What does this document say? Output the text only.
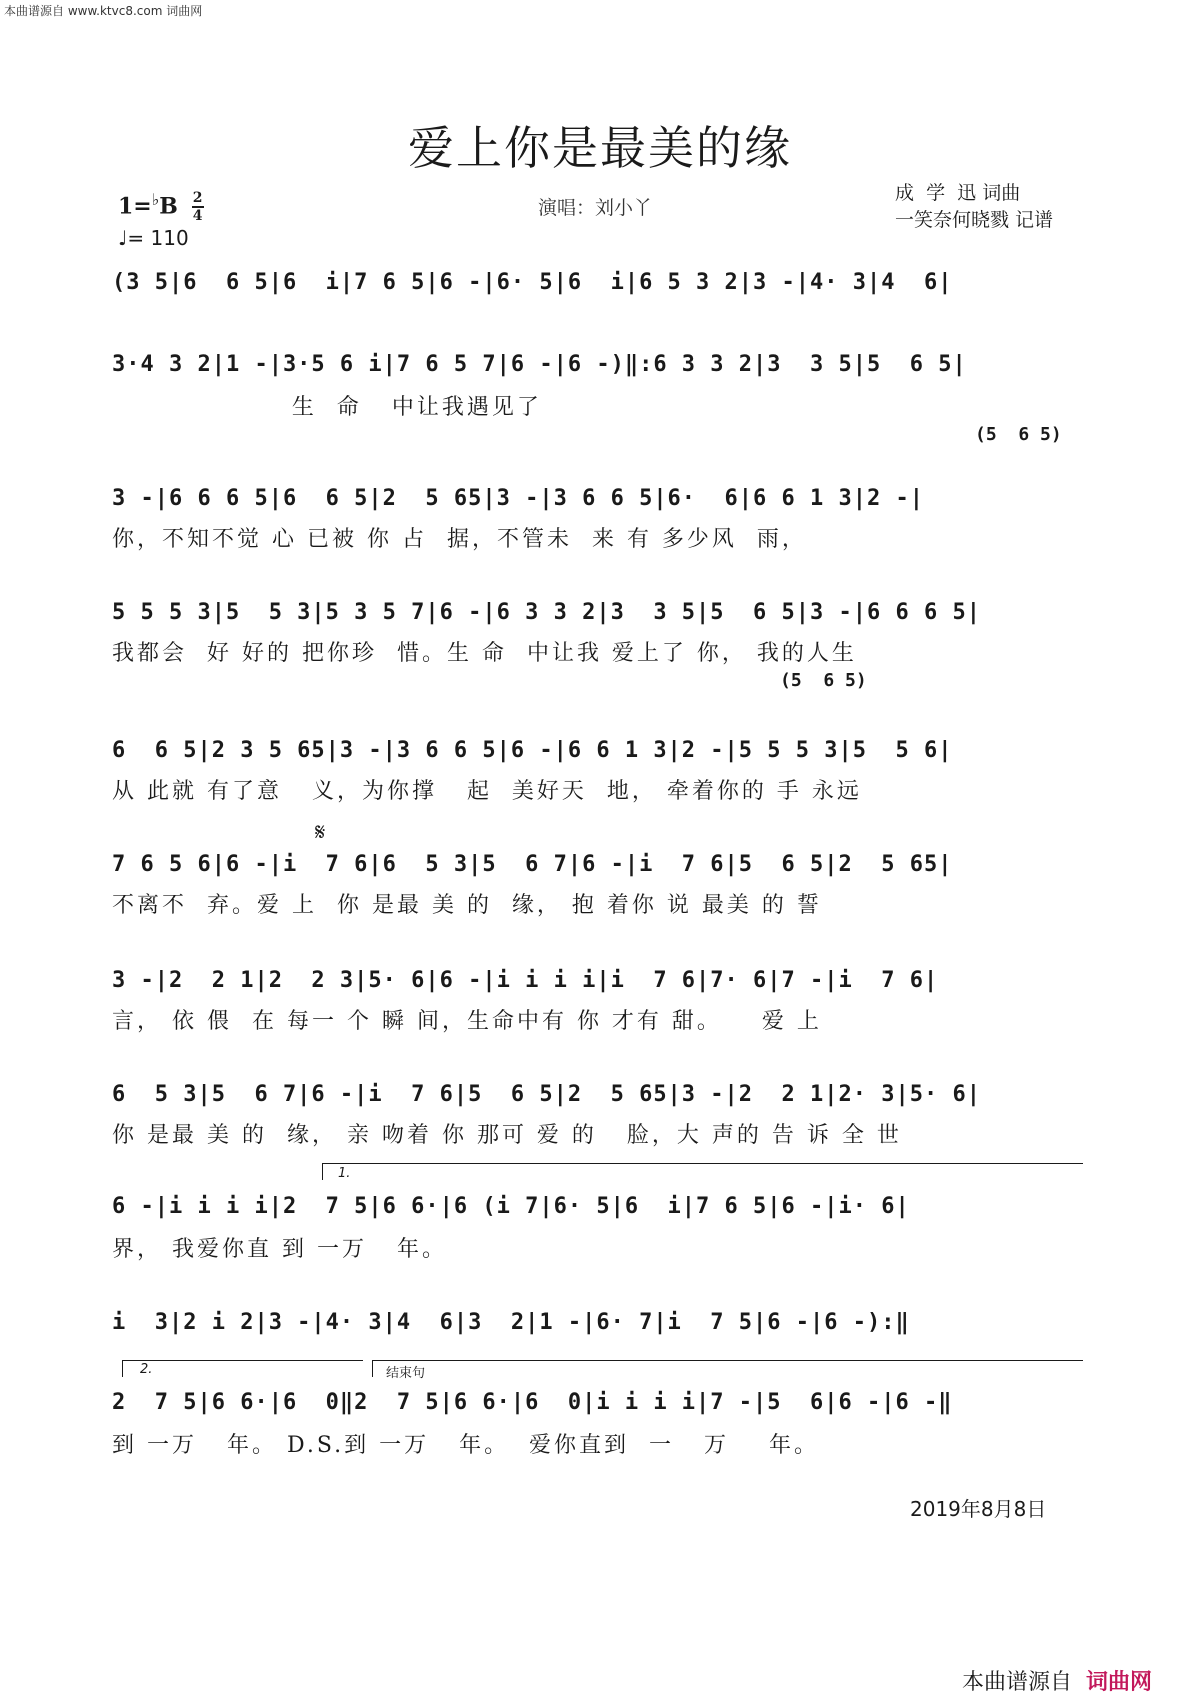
本曲谱源自 www.ktvc8.com 词曲网
爱上你是最美的缘
$1=^♭B \frac{2}{4}$
♩= 110
演唱：刘小丫
成  学  迅 词曲
一笑奈何晓戮 记谱
(3 5|6  6 5|6  i|7 6 5|6 -|6· 5|6  i|6 5 3 2|3 -|4· 3|4  6|
3·4 3 2|1 -|3·5 6 i|7 6 5 7|6 -|6 -)‖:6 3 3 2|3  3 5|5  6 5|
生  命   中让我遇见了
(5  6 5)
3 -|6 6 6 5|6  6 5|2  5 65|3 -|3 6 6 5|6·  6|6 6 1 3|2 -|
你，不知不觉 心 已被 你 占  据，不管未  来 有 多少风  雨，
5 5 5 3|5  5 3|5 3 5 7|6 -|6 3 3 2|3  3 5|5  6 5|3 -|6 6 6 5|
我都会  好 好的 把你珍  惜。生 命  中让我 爱上了 你， 我的人生
(5  6 5)
6  6 5|2 3 5 65|3 -|3 6 6 5|6 -|6 6 1 3|2 -|5 5 5 3|5  5 6|
从 此就 有了意   义，为你撑   起  美好天  地， 牵着你的 手 永远
𝄋
7 6 5 6|6 -|i  7 6|6  5 3|5  6 7|6 -|i  7 6|5  6 5|2  5 65|
不离不  弃。爱 上  你 是最 美 的  缘， 抱 着你 说 最美 的 誓
3 -|2  2 1|2  2 3|5· 6|6 -|i i i i|i  7 6|7· 6|7 -|i  7 6|
言， 依 偎  在 每一 个 瞬 间，生命中有 你 才有 甜。    爱 上
6  5 3|5  6 7|6 -|i  7 6|5  6 5|2  5 65|3 -|2  2 1|2· 3|5· 6|
你 是最 美 的  缘， 亲 吻着 你 那可 爱 的   脸，大 声的 告 诉 全 世
1.
6 -|i i i i|2  7 5|6 6·|6 (i 7|6· 5|6  i|7 6 5|6 -|i· 6|
界， 我爱你直 到 一万   年。
i  3|2 i 2|3 -|4· 3|4  6|3  2|1 -|6· 7|i  7 5|6 -|6 -):‖
2.	结束句
2  7 5|6 6·|6  0‖2  7 5|6 6·|6  0|i i i i|7 -|5  6|6 -|6 -‖
到 一万   年。 D.S.到 一万   年。  爱你直到  一   万    年。
2019年8月8日
本曲谱源自 词曲网
